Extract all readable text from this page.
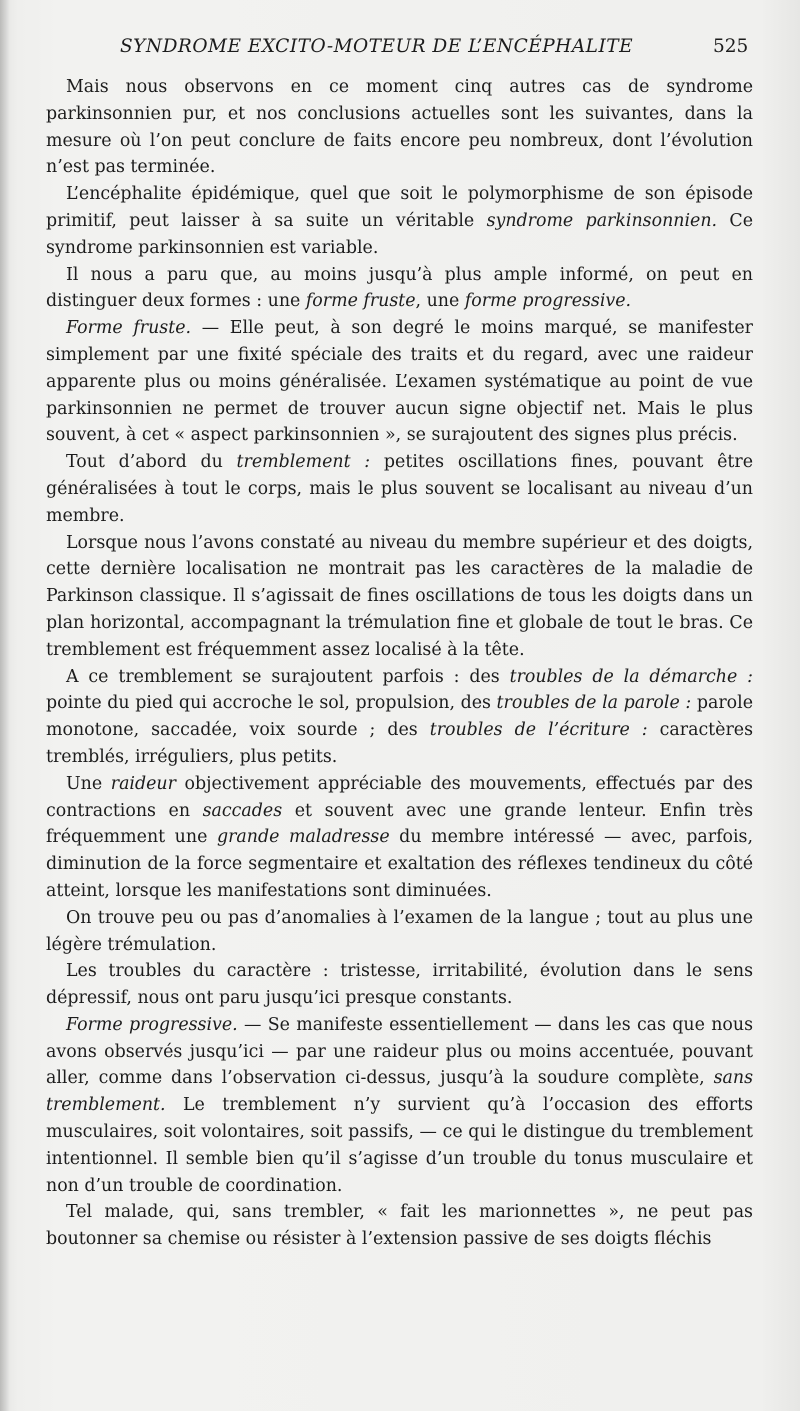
SYNDROME EXCITO-MOTEUR DE L’ENCÉPHALITE	525

Mais nous observons en ce moment cinq autres cas de syndrome parkinsonnien pur, et nos conclusions actuelles sont les suivantes, dans la mesure où l’on peut conclure de faits encore peu nombreux, dont l’évolution n’est pas terminée.

L’encéphalite épidémique, quel que soit le polymorphisme de son épisode primitif, peut laisser à sa suite un véritable syndrome parkinsonnien. Ce syndrome parkinsonnien est variable.

Il nous a paru que, au moins jusqu’à plus ample informé, on peut en distinguer deux formes : une forme fruste, une forme progressive.

Forme fruste. — Elle peut, à son degré le moins marqué, se manifester simplement par une fixité spéciale des traits et du regard, avec une raideur apparente plus ou moins généralisée. L’examen systématique au point de vue parkinsonnien ne permet de trouver aucun signe objectif net. Mais le plus souvent, à cet « aspect parkinsonnien », se surajoutent des signes plus précis.

Tout d’abord du tremblement : petites oscillations fines, pouvant être généralisées à tout le corps, mais le plus souvent se localisant au niveau d’un membre.

Lorsque nous l’avons constaté au niveau du membre supérieur et des doigts, cette dernière localisation ne montrait pas les caractères de la maladie de Parkinson classique. Il s’agissait de fines oscillations de tous les doigts dans un plan horizontal, accompagnant la trémulation fine et globale de tout le bras. Ce tremblement est fréquemment assez localisé à la tête.

A ce tremblement se surajoutent parfois : des troubles de la démarche : pointe du pied qui accroche le sol, propulsion, des troubles de la parole : parole monotone, saccadée, voix sourde ; des troubles de l’écriture : caractères tremblés, irréguliers, plus petits.

Une raideur objectivement appréciable des mouvements, effectués par des contractions en saccades et souvent avec une grande lenteur. Enfin très fréquemment une grande maladresse du membre intéressé — avec, parfois, diminution de la force segmentaire et exaltation des réflexes tendineux du côté atteint, lorsque les manifestations sont diminuées.

On trouve peu ou pas d’anomalies à l’examen de la langue ; tout au plus une légère trémulation.

Les troubles du caractère : tristesse, irritabilité, évolution dans le sens dépressif, nous ont paru jusqu’ici presque constants.

Forme progressive. — Se manifeste essentiellement — dans les cas que nous avons observés jusqu’ici — par une raideur plus ou moins accentuée, pouvant aller, comme dans l’observation ci-dessus, jusqu’à la soudure complète, sans tremblement. Le tremblement n’y survient qu’à l’occasion des efforts musculaires, soit volontaires, soit passifs, — ce qui le distingue du tremblement intentionnel. Il semble bien qu’il s’agisse d’un trouble du tonus musculaire et non d’un trouble de coordination.

Tel malade, qui, sans trembler, « fait les marionnettes », ne peut pas boutonner sa chemise ou résister à l’extension passive de ses doigts fléchis
